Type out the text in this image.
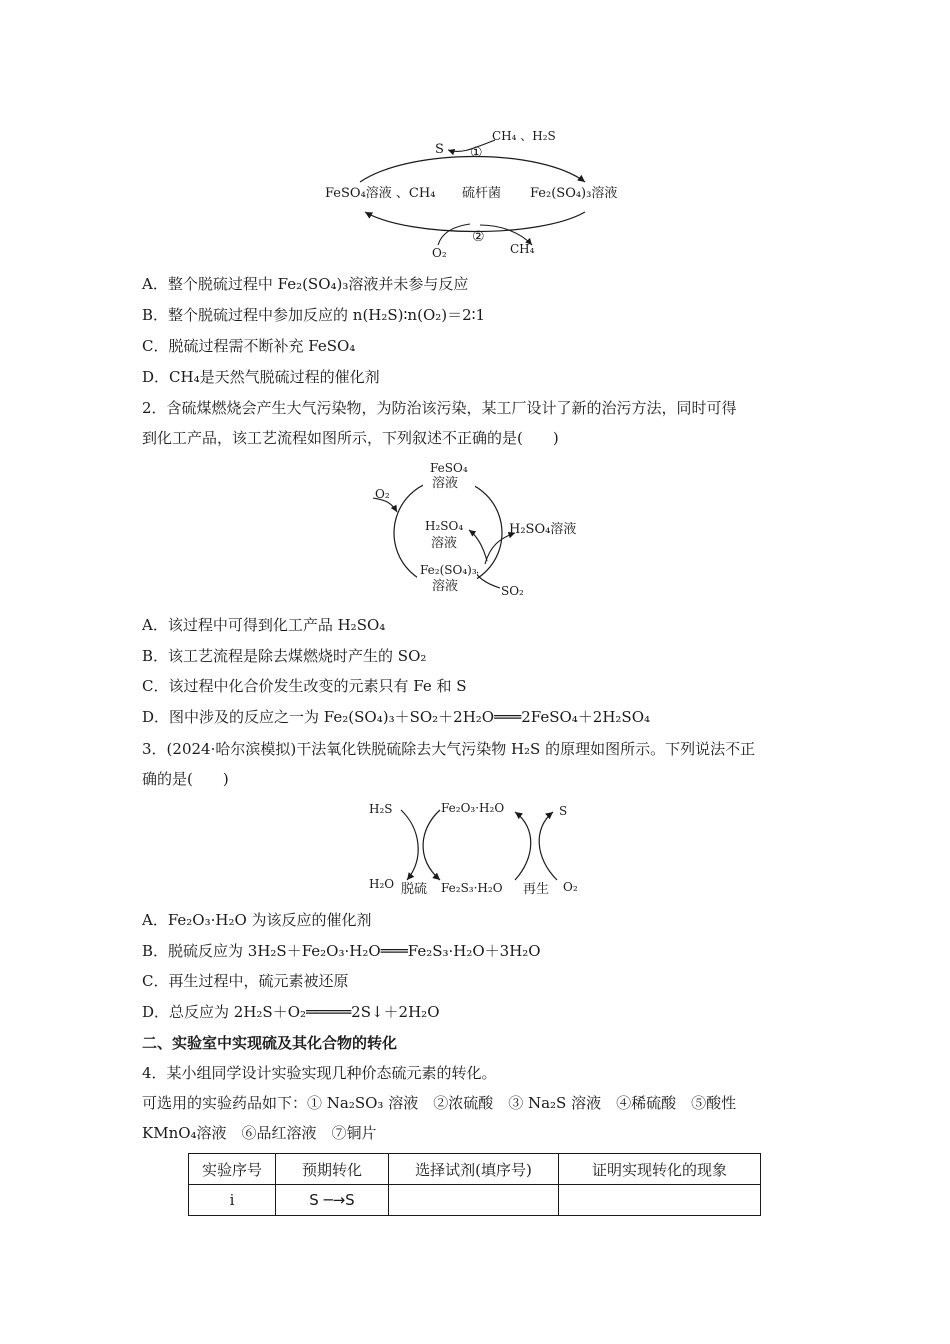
S ①
CH₄ 、H₂S
FeSO₄溶液 、CH₄ 硫杆菌 Fe₂(SO₄)₃溶液
②
O₂	CH₄
A．整个脱硫过程中 Fe₂(SO₄)₃溶液并未参与反应
B．整个脱硫过程中参加反应的 n(H₂S)∶n(O₂)＝2∶1
C．脱硫过程需不断补充 FeSO₄
D．CH₄是天然气脱硫过程的催化剂
2．含硫煤燃烧会产生大气污染物，为防治该污染，某工厂设计了新的治污方法，同时可得
到化工产品，该工艺流程如图所示，下列叙述不正确的是(　　)
FeSO₄
溶液
O₂
H₂SO₄
溶液
H₂SO₄溶液
Fe₂(SO₄)₃
溶液	SO₂
A．该过程中可得到化工产品 H₂SO₄
B．该工艺流程是除去煤燃烧时产生的 SO₂
C．该过程中化合价发生改变的元素只有 Fe 和 S
D．图中涉及的反应之一为 Fe₂(SO₄)₃＋SO₂＋2H₂O═══2FeSO₄＋2H₂SO₄
3．(2024·哈尔滨模拟)干法氧化铁脱硫除去大气污染物 H₂S 的原理如图所示。下列说法不正
确的是(　　)
H₂S	Fe₂O₃·H₂O	S
H₂O 脱硫 Fe₂S₃·H₂O 再生 O₂
A．Fe₂O₃·H₂O 为该反应的催化剂
B．脱硫反应为 3H₂S＋Fe₂O₃·H₂O═══Fe₂S₃·H₂O＋3H₂O
C．再生过程中，硫元素被还原
D．总反应为 2H₂S＋O₂═════2S↓＋2H₂O
二、实验室中实现硫及其化合物的转化
4．某小组同学设计实验实现几种价态硫元素的转化。
可选用的实验药品如下：① Na₂SO₃ 溶液　②浓硫酸　③ Na₂S 溶液　④稀硫酸　⑤酸性
KMnO₄溶液　⑥品红溶液　⑦铜片
实验序号	预期转化	选择试剂(填序号)	证明实现转化的现象
i	S ─→S		
